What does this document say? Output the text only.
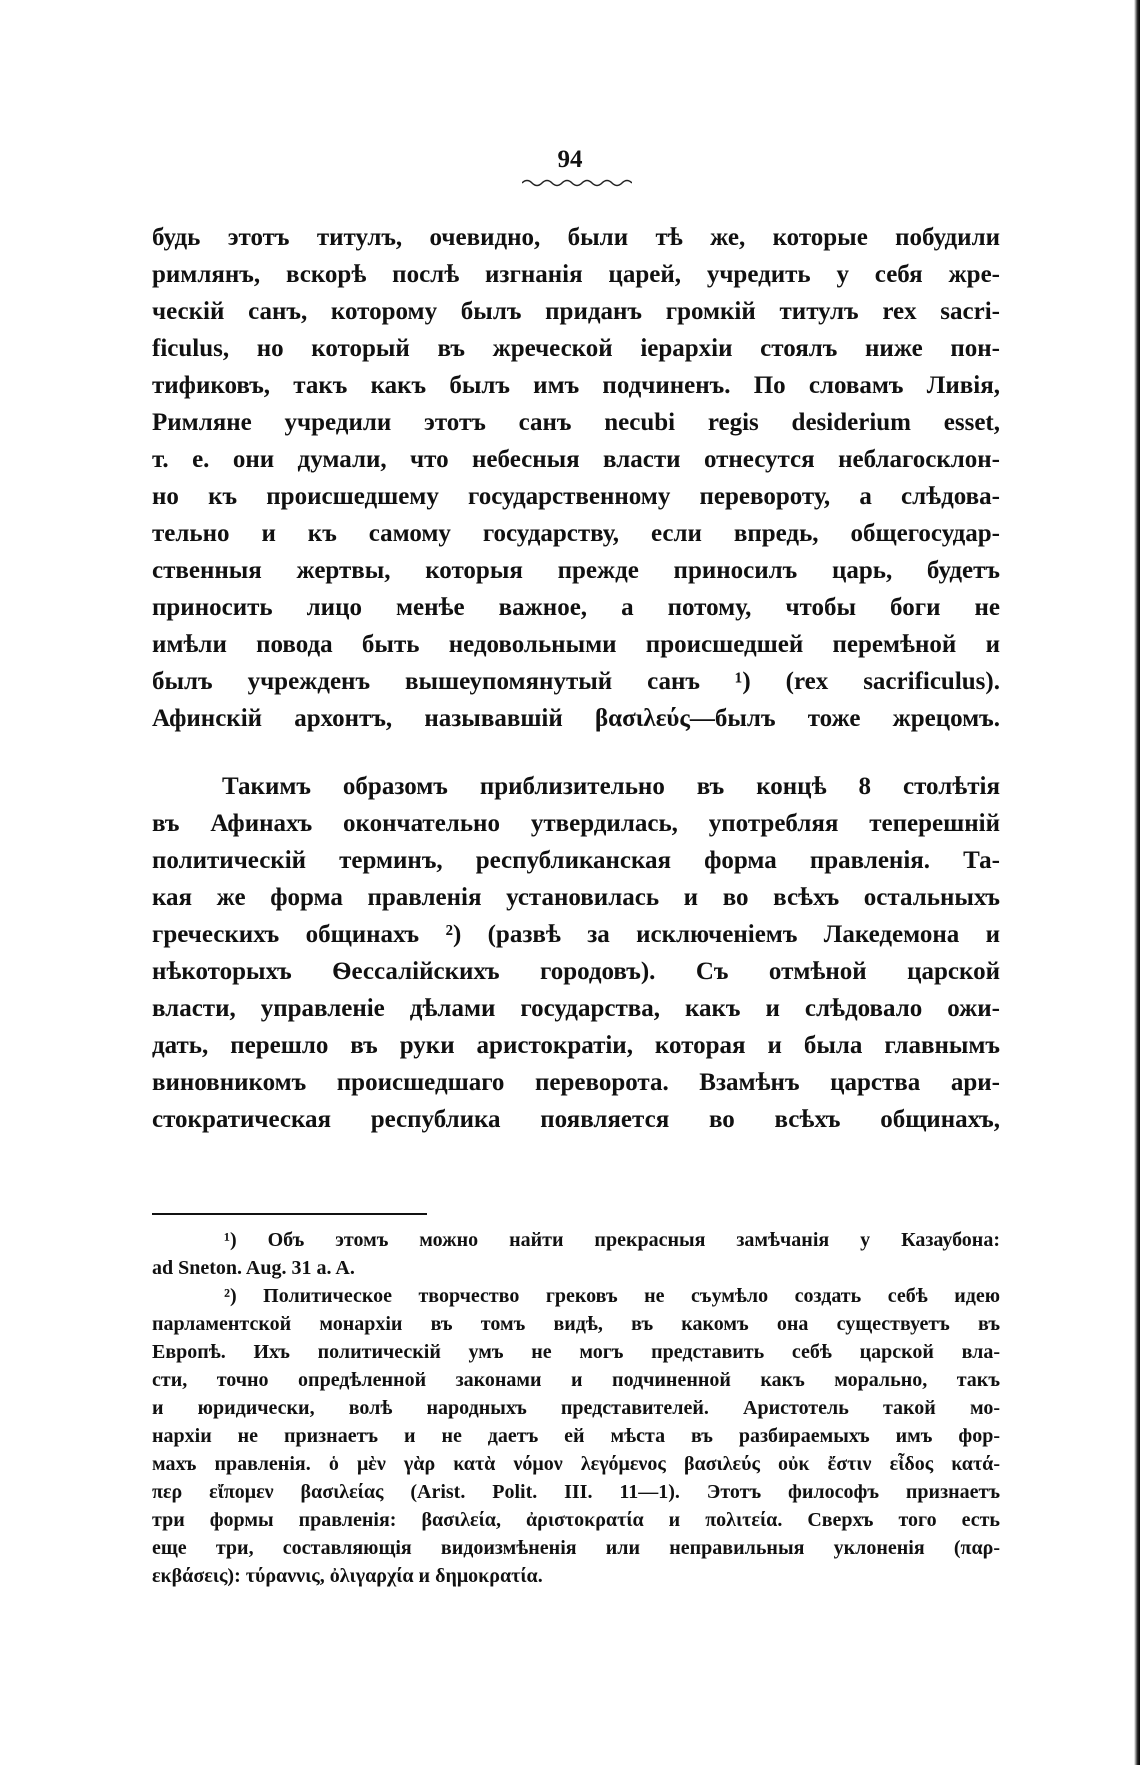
94
будь этотъ титулъ, очевидно, были тѣ же, которые побудили
римлянъ, вскорѣ послѣ изгнанія царей, учредить у себя жре-
ческій санъ, которому былъ приданъ громкій титулъ rex sacri-
ficulus, но который въ жреческой іерархіи стоялъ ниже пон-
тификовъ, такъ какъ былъ имъ подчиненъ. По словамъ Ливія,
Римляне учредили этотъ санъ necubi regis desiderium esset,
т. е. они думали, что небесныя власти отнесутся неблагосклон-
но къ происшедшему государственному перевороту, а слѣдова-
тельно и къ самому государству, если впредь, общегосудар-
ственныя жертвы, которыя прежде приносилъ царь, будетъ
приносить лицо менѣе важное, а потому, чтобы боги не
имѣли повода быть недовольными происшедшей перемѣной и
былъ учрежденъ вышеупомянутый санъ ¹) (rex sacrificulus).
Афинскій архонтъ, называвшій βασιλεύς—былъ тоже жрецомъ.
Такимъ образомъ приблизительно въ концѣ 8 столѣтія
въ Афинахъ окончательно утвердилась, употребляя теперешній
политическій терминъ, республиканская форма правленія. Та-
кая же форма правленія установилась и во всѣхъ остальныхъ
греческихъ общинахъ ²) (развѣ за исключеніемъ Лакедемона и
нѣкоторыхъ Ѳессалійскихъ городовъ). Съ отмѣной царской
власти, управленіе дѣлами государства, какъ и слѣдовало ожи-
дать, перешло въ руки аристократіи, которая и была главнымъ
виновникомъ происшедшаго переворота. Взамѣнъ царства ари-
стократическая республика появляется во всѣхъ общинахъ,
¹) Объ этомъ можно найти прекрасныя замѣчанія у Казаубона:
ad Sneton. Aug. 31 a. A.
²) Политическое творчество грековъ не съумѣло создать себѣ идею
парламентской монархіи въ томъ видѣ, въ какомъ она существуетъ въ
Европѣ. Ихъ политическій умъ не могъ представить себѣ царской вла-
сти, точно опредѣленной законами и подчиненной какъ морально, такъ
и юридически, волѣ народныхъ представителей. Аристотель такой мо-
нархіи не признаетъ и не даетъ ей мѣста въ разбираемыхъ имъ фор-
махъ правленія. ὁ μὲν γὰρ κατὰ νόμον λεγόμενος βασιλεύς οὐκ ἔστιν εἶδος κατά-
περ εἴπομεν βασιλείας (Arist. Polit. III. 11—1). Этотъ философъ признаетъ
три формы правленія: βασιλεία, ἀριστοκρατία и πολιτεία. Сверхъ того есть
еще три, составляющія видоизмѣненія или неправильныя уклоненія (παρ-
εκβάσεις): τύραννις, ὀλιγαρχία и δημοκρατία.
